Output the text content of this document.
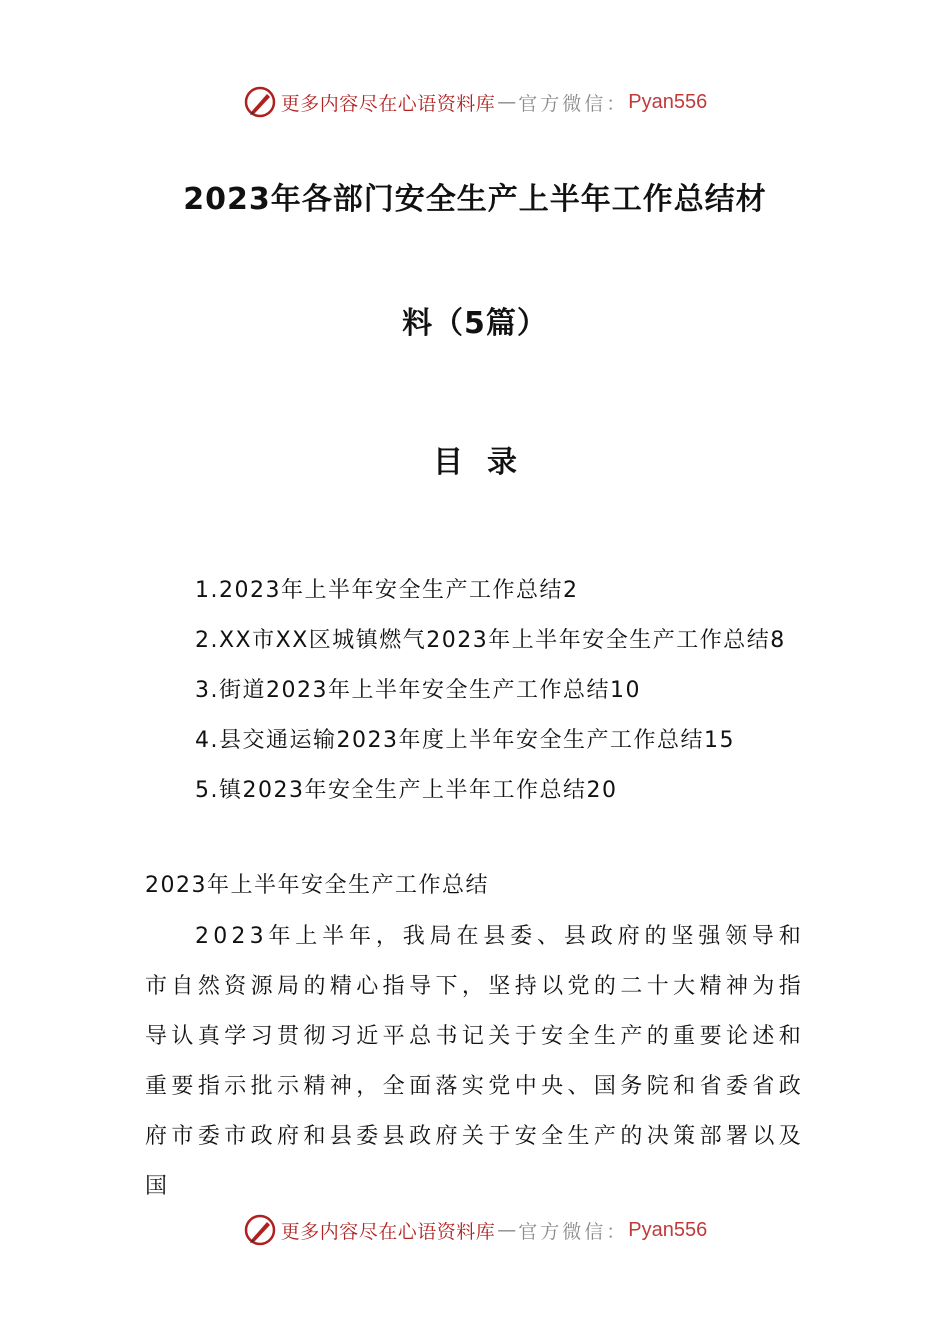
更多内容尽在心语资料库 — 官方微信： Pyan556
2023年各部门安全生产上半年工作总结材
料（5篇）
目录
1.2023年上半年安全生产工作总结2
2.XX市XX区城镇燃气2023年上半年安全生产工作总结8
3.街道2023年上半年安全生产工作总结10
4.县交通运输2023年度上半年安全生产工作总结15
5.镇2023年安全生产上半年工作总结20

2023年上半年安全生产工作总结

2023年上半年，我局在县委、县政府的坚强领导和市自然资源局的精心指导下，坚持以党的二十大精神为指导认真学习贯彻习近平总书记关于安全生产的重要论述和重要指示批示精神，全面落实党中央、国务院和省委省政府市委市政府和县委县政府关于安全生产的决策部署以及国

更多内容尽在心语资料库 — 官方微信： Pyan556
